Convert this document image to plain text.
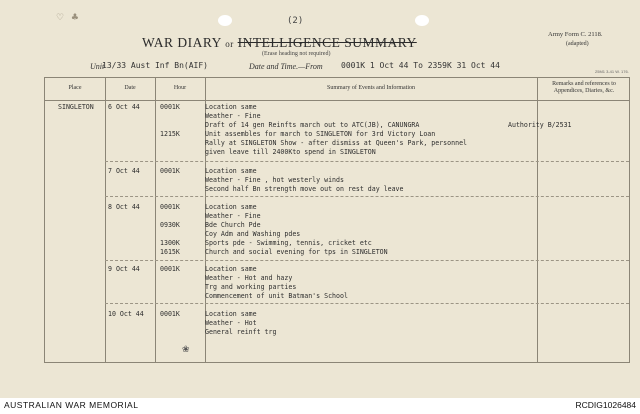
♡ ♣	(2)
WAR DIARY or INTELLIGENCE SUMMARY
(Erase heading not required)
Army Form C. 2118.
(adapted)
Unit
13/33 Aust Inf Bn(AIF)	Date and Time.—From 0001K 1 Oct 44 To 2359K 31 Oct 44
25M1 3-41 W. 176.
Place	Date	Hour	Summary of Events and Information
Remarks and references to
Appendices, Diaries, &c.
SINGLETON 6 Oct 44	0001K	Location same
Weather - Fine
Draft of 14 gen Reinfts march out to ATC(JB), CANUNGRA	Authority B/2531
1215K	Unit assembles for march to SINGLETON for 3rd Victory Loan
Rally at SINGLETON Show - after dismiss at Queen's Park, personnel
given leave till 2400Kto spend in SINGLETON
7 Oct 44	0001K	Location same
Weather - Fine , hot westerly winds
Second half Bn strength move out on rest day leave
8 Oct 44	0001K	Location same
Weather - Fine
0930K	Bde Church Pde
Coy Adm and Washing pdes
1300K	Sports pde - Swimming, tennis, cricket etc
1615K	Church and social evening for tps in SINGLETON
9 Oct 44	0001K	Location same
Weather - Hot and hazy
Trg and working parties
Commencement of unit Batman's School
10 Oct 44 0001K	Location same
Weather - Hot
General reinft trg
❀
AUSTRALIAN WAR MEMORIAL	RCDIG1026484
